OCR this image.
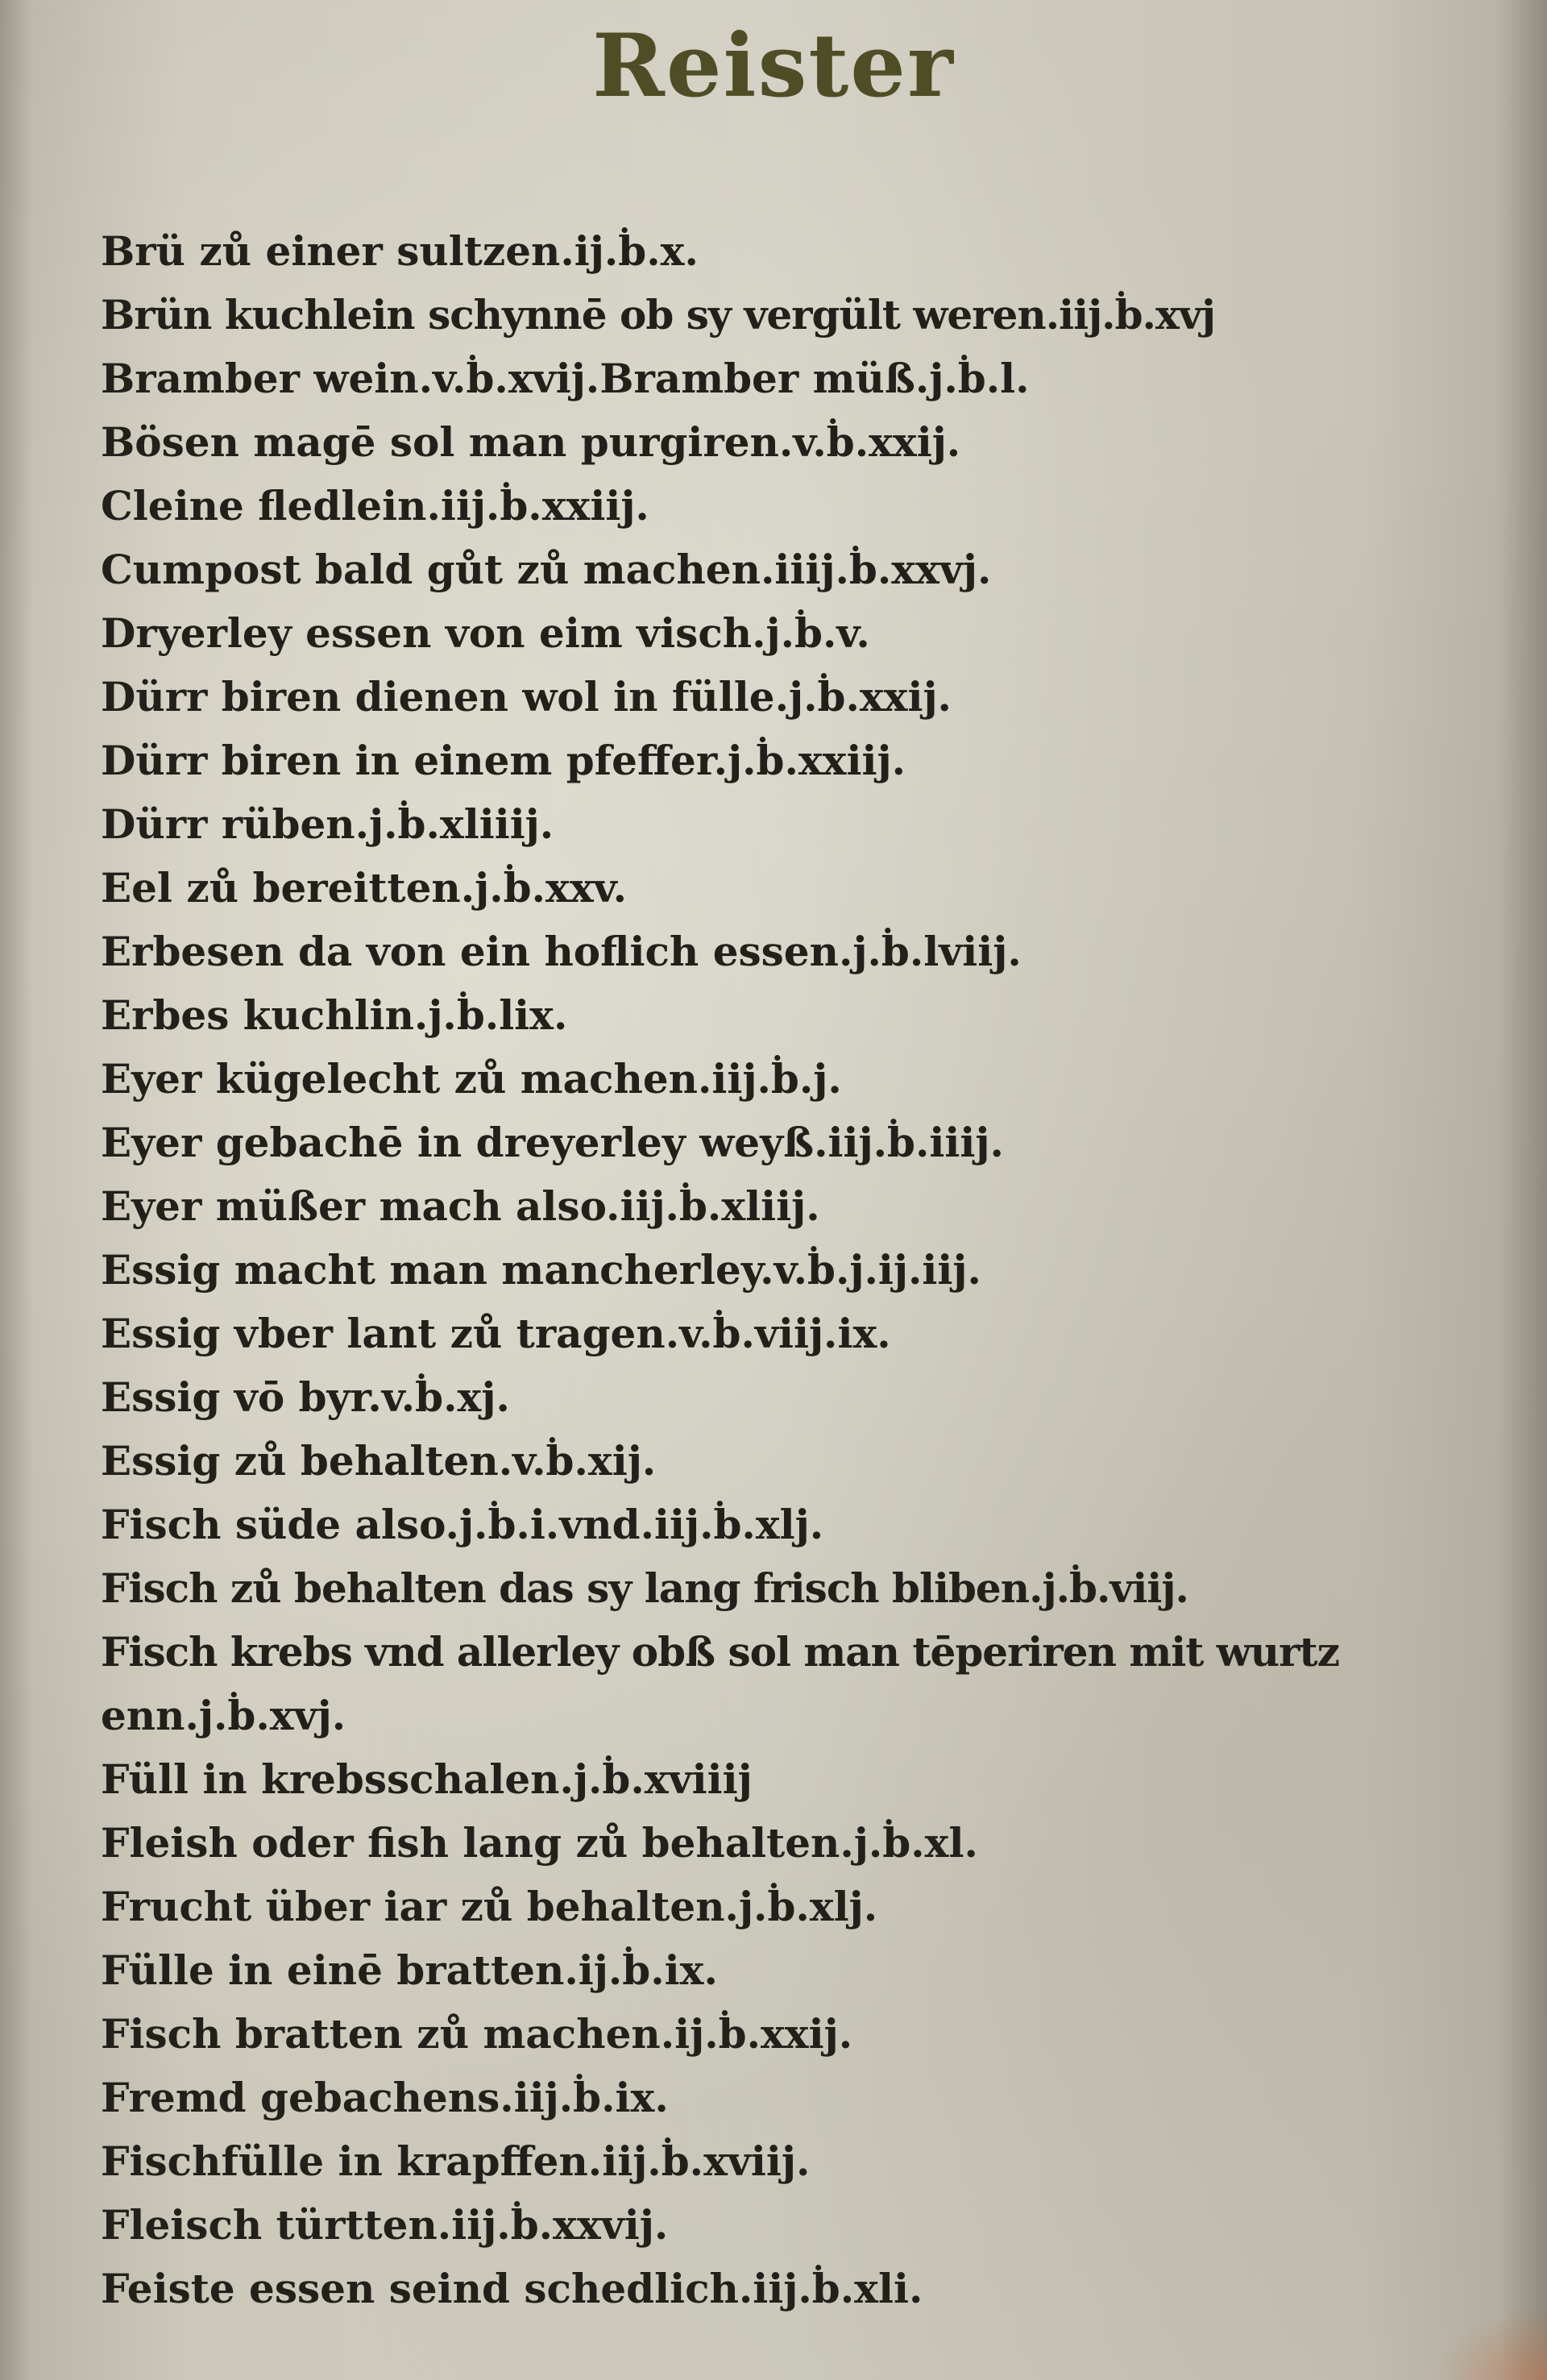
Reister
Brü zů einer sultzen.ij.ḃ.x.
Brün kuchlein schynnē ob sy vergült weren.iij.ḃ.xvj
Bramber wein.v.ḃ.xvij.Bramber müß.j.ḃ.l.
Bösen magē sol man purgiren.v.ḃ.xxij.
Cleine fledlein.iij.ḃ.xxiij.
Cumpost bald gůt zů machen.iiij.ḃ.xxvj.
Dryerley essen von eim visch.j.ḃ.v.
Dürr biren dienen wol in fülle.j.ḃ.xxij.
Dürr biren in einem pfeffer.j.ḃ.xxiij.
Dürr rüben.j.ḃ.xliiij.
Eel zů bereitten.j.ḃ.xxv.
Erbesen da von ein hoflich essen.j.ḃ.lviij.
Erbes kuchlin.j.ḃ.lix.
Eyer kügelecht zů machen.iij.ḃ.j.
Eyer gebachē in dreyerley weyß.iij.ḃ.iiij.
Eyer müßer mach also.iij.ḃ.xliij.
Essig macht man mancherley.v.ḃ.j.ij.iij.
Essig vber lant zů tragen.v.ḃ.viij.ix.
Essig vō byr.v.ḃ.xj.
Essig zů behalten.v.ḃ.xij.
Fisch süde also.j.ḃ.i.vnd.iij.ḃ.xlj.
Fisch zů behalten das sy lang frisch bliben.j.ḃ.viij.
Fisch krebs vnd allerley obß sol man tēperiren mit wurtz
enn.j.ḃ.xvj.
Füll in krebsschalen.j.ḃ.xviiij
Fleish oder fish lang zů behalten.j.ḃ.xl.
Frucht über iar zů behalten.j.ḃ.xlj.
Fülle in einē bratten.ij.ḃ.ix.
Fisch bratten zů machen.ij.ḃ.xxij.
Fremd gebachens.iij.ḃ.ix.
Fischfülle in krapffen.iij.ḃ.xviij.
Fleisch türtten.iij.ḃ.xxvij.
Feiste essen seind schedlich.iij.ḃ.xli.
